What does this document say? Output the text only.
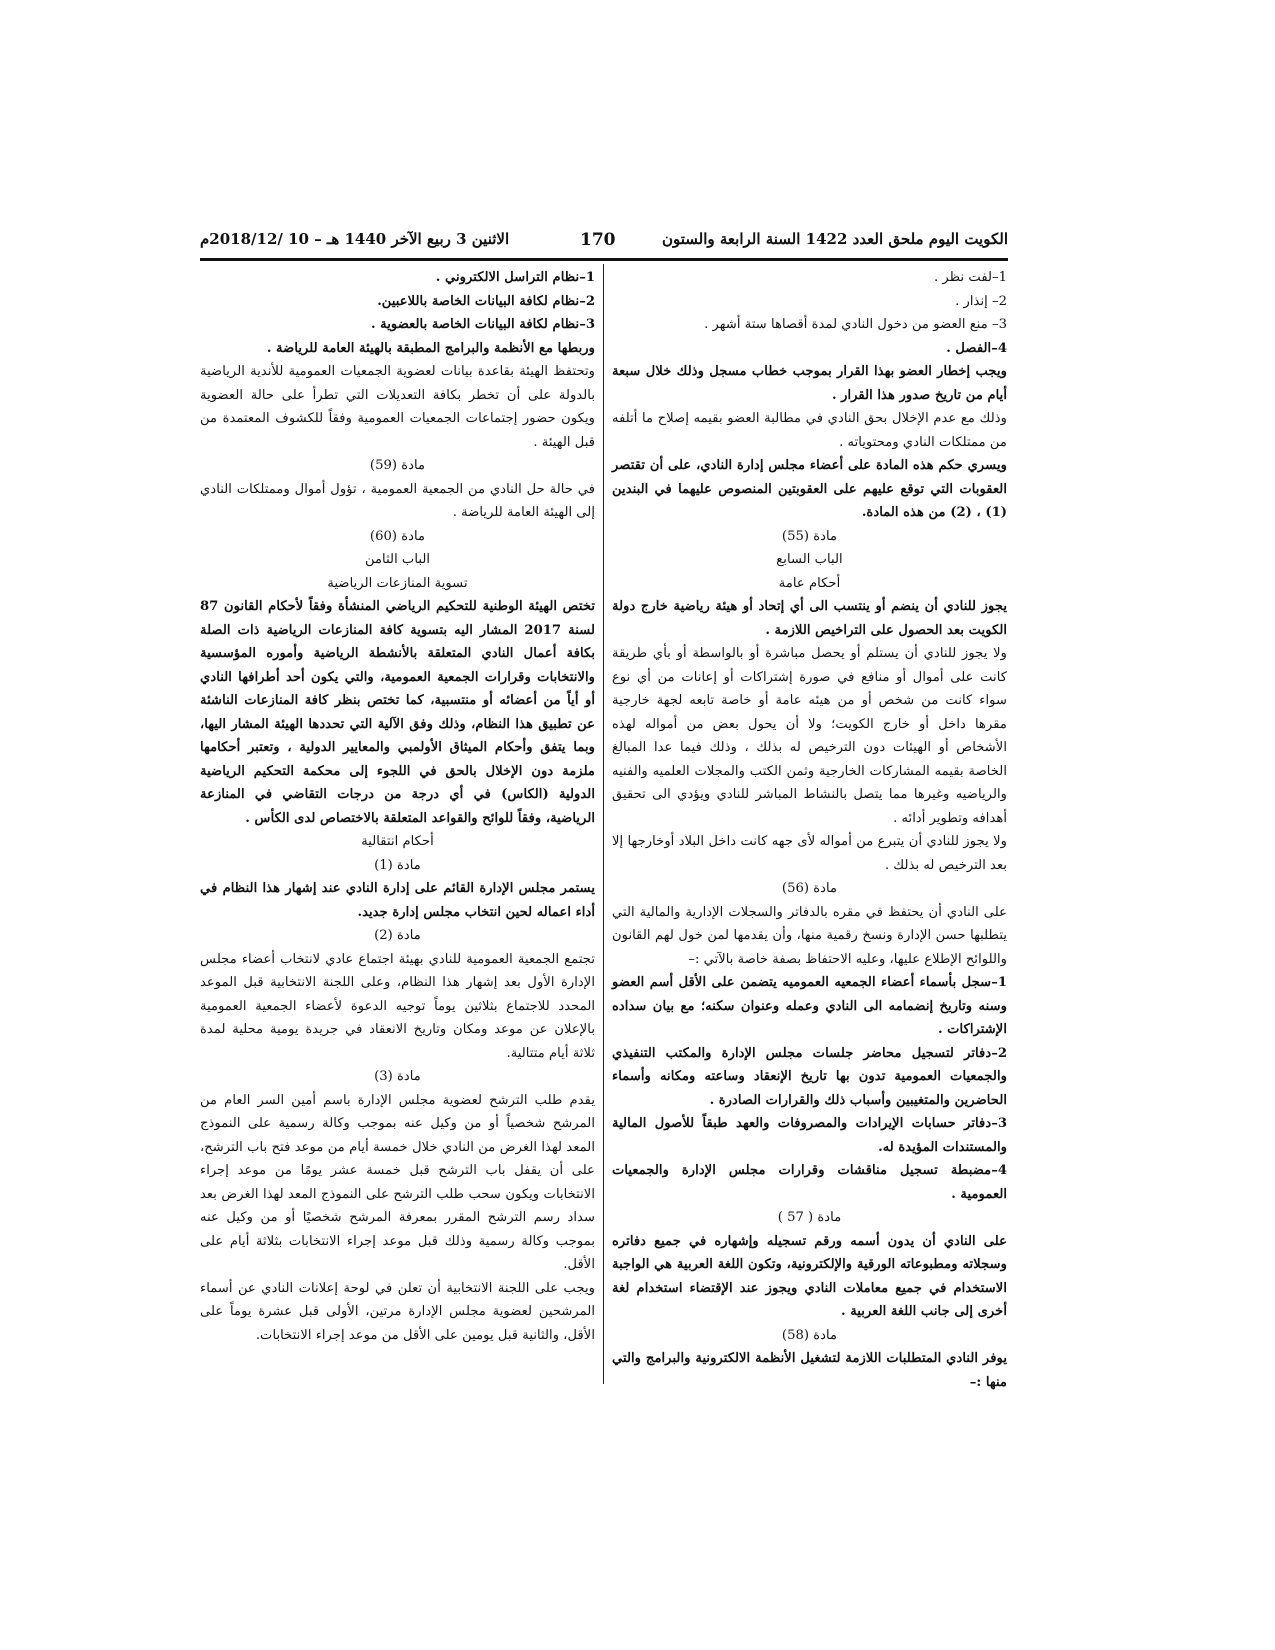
الكويت اليوم ملحق العدد 1422 السنة الرابعة والستون
170
الاثنين 3 ربيع الآخر 1440 هـ – 10 /2018/12م

1–لفت نظر .

2– إنذار .

3– منع العضو من دخول النادي لمدة أقصاها ستة أشهر .

4–الفصل .

ويجب إخطار العضو بهذا القرار بموجب خطاب مسجل وذلك خلال سبعة أيام من تاريخ صدور هذا القرار .

وذلك مع عدم الإخلال بحق النادي في مطالبة العضو بقيمه إصلاح ما أتلفه من ممتلكات النادي ومحتوياته .

ويسري حكم هذه المادة على أعضاء مجلس إدارة النادي، على أن تقتصر العقوبات التي توقع عليهم على العقوبتين المنصوص عليهما في البندين (1) ، (2) من هذه المادة.

مادة (55)

الباب السابع

أحكام عامة

يجوز للنادي أن ينضم أو ينتسب الى أي إتحاد أو هيئة رياضية خارج دولة الكويت بعد الحصول على التراخيص اللازمة .

ولا يجوز للنادي أن يستلم أو يحصل مباشرة أو بالواسطة أو بأي طريقة كانت على أموال أو منافع في صورة إشتراكات أو إعانات من أي نوع سواء كانت من شخص أو من هيئه عامة أو خاصة تابعه لجهة خارجية مقرها داخل أو خارج الكويت؛ ولا أن يحول بعض من أمواله لهذه الأشخاص أو الهيئات دون الترخيص له بذلك ، وذلك فيما عدا المبالغ الخاصة بقيمه المشاركات الخارجية وثمن الكتب والمجلات العلميه والفنيه والرياضيه وغيرها مما يتصل بالنشاط المباشر للنادي ويؤدي الى تحقيق أهدافه وتطوير أدائه .

ولا يجوز للنادي أن يتبرع من أمواله لأى جهه كانت داخل البلاد أوخارجها إلا بعد الترخيص له بذلك .

مادة (56)

على النادي أن يحتفظ في مقره بالدفاتر والسجلات الإدارية والمالية التي يتطلبها حسن الإدارة ونسخ رقمية منها، وأن يقدمها لمن خول لهم القانون واللوائح الإطلاع عليها، وعليه الاحتفاظ بصفة خاصة بالآتي :–

1–سجل بأسماء أعضاء الجمعيه العموميه يتضمن على الأقل أسم العضو وسنه وتاريخ إنضمامه الى النادي وعمله وعنوان سكنه؛ مع بيان سداده الإشتراكات .

2–دفاتر لتسجيل محاضر جلسات مجلس الإدارة والمكتب التنفيذي والجمعيات العمومية تدون بها تاريخ الإنعقاد وساعته ومكانه وأسماء الحاضرين والمتغيبين وأسباب ذلك والقرارات الصادرة .

3–دفاتر حسابات الإيرادات والمصروفات والعهد طبقاً للأصول المالية والمستندات المؤيدة له.

4–مضبطة تسجيل مناقشات وقرارات مجلس الإدارة والجمعيات العمومية .

مادة ( 57 )

على النادي أن يدون أسمه ورقم تسجيله وإشهاره في جميع دفاتره وسجلاته ومطبوعاته الورقية والإلكترونية، وتكون اللغة العربية هي الواجبة الاستخدام في جميع معاملات النادي ويجوز عند الإقتضاء استخدام لغة أخرى إلى جانب اللغة العربية .

مادة (58)

يوفر النادي المتطلبات اللازمة لتشغيل الأنظمة الالكترونية والبرامج والتي منها :–

1–نظام التراسل الالكتروني .

2–نظام لكافة البيانات الخاصة باللاعبين.

3–نظام لكافة البيانات الخاصة بالعضوية .

وربطها مع الأنظمة والبرامج المطبقة بالهيئة العامة للرياضة .

وتحتفظ الهيئة بقاعدة بيانات لعضوية الجمعيات العمومية للأندية الرياضية بالدولة على أن تخطر بكافة التعديلات التي تطرأ على حالة العضوية ويكون حضور إجتماعات الجمعيات العمومية وفقاً للكشوف المعتمدة من قبل الهيئة .

مادة (59)

في حالة حل النادي من الجمعية العمومية ، تؤول أموال وممتلكات النادي إلى الهيئة العامة للرياضة .

مادة (60)

الباب الثامن

تسوية المنازعات الرياضية

تختص الهيئة الوطنية للتحكيم الرياضي المنشأة وفقاً لأحكام القانون 87 لسنة 2017 المشار اليه بتسوية كافة المنازعات الرياضية ذات الصلة بكافة أعمال النادي المتعلقة بالأنشطة الرياضية وأموره المؤسسية والانتخابات وقرارات الجمعية العمومية، والتي يكون أحد أطرافها النادي أو أياً من أعضائه أو منتسبية، كما تختص بنظر كافة المنازعات الناشئة عن تطبيق هذا النظام، وذلك وفق الآلية التي تحددها الهيئة المشار اليها، وبما يتفق وأحكام الميثاق الأولمبي والمعايير الدولية ، وتعتبر أحكامها ملزمة دون الإخلال بالحق في اللجوء إلى محكمة التحكيم الرياضية الدولية (الكاس) في أي درجة من درجات التقاضي في المنازعة الرياضية، وفقاً للوائح والقواعد المتعلقة بالاختصاص لدى الكأس .

أحكام انتقالية

مادة (1)

يستمر مجلس الإدارة القائم على إدارة النادي عند إشهار هذا النظام في أداء اعماله لحين انتخاب مجلس إدارة جديد.

مادة (2)

تجتمع الجمعية العمومية للنادي بهيئة اجتماع عادي لانتخاب أعضاء مجلس الإدارة الأول بعد إشهار هذا النظام، وعلى اللجنة الانتخابية قبل الموعد المحدد للاجتماع بثلاثين يوماً توجيه الدعوة لأعضاء الجمعية العمومية بالإعلان عن موعد ومكان وتاريخ الانعقاد في جريدة يومية محلية لمدة ثلاثة أيام متتالية.

مادة (3)

يقدم طلب الترشح لعضوية مجلس الإدارة باسم أمين السر العام من المرشح شخصياً أو من وكيل عنه بموجب وكالة رسمية على النموذج المعد لهذا الغرض من النادي خلال خمسة أيام من موعد فتح باب الترشح، على أن يقفل باب الترشح قبل خمسة عشر يومًا من موعد إجراء الانتخابات ويكون سحب طلب الترشح على النموذج المعد لهذا الغرض بعد سداد رسم الترشح المقرر بمعرفة المرشح شخصيًا أو من وكيل عنه بموجب وكالة رسمية وذلك قبل موعد إجراء الانتخابات بثلاثة أيام على الأقل.

ويجب على اللجنة الانتخابية أن تعلن في لوحة إعلانات النادي عن أسماء المرشحين لعضوية مجلس الإدارة مرتين، الأولى قبل عشرة يوماً على الأقل، والثانية قبل يومين على الأقل من موعد إجراء الانتخابات.
